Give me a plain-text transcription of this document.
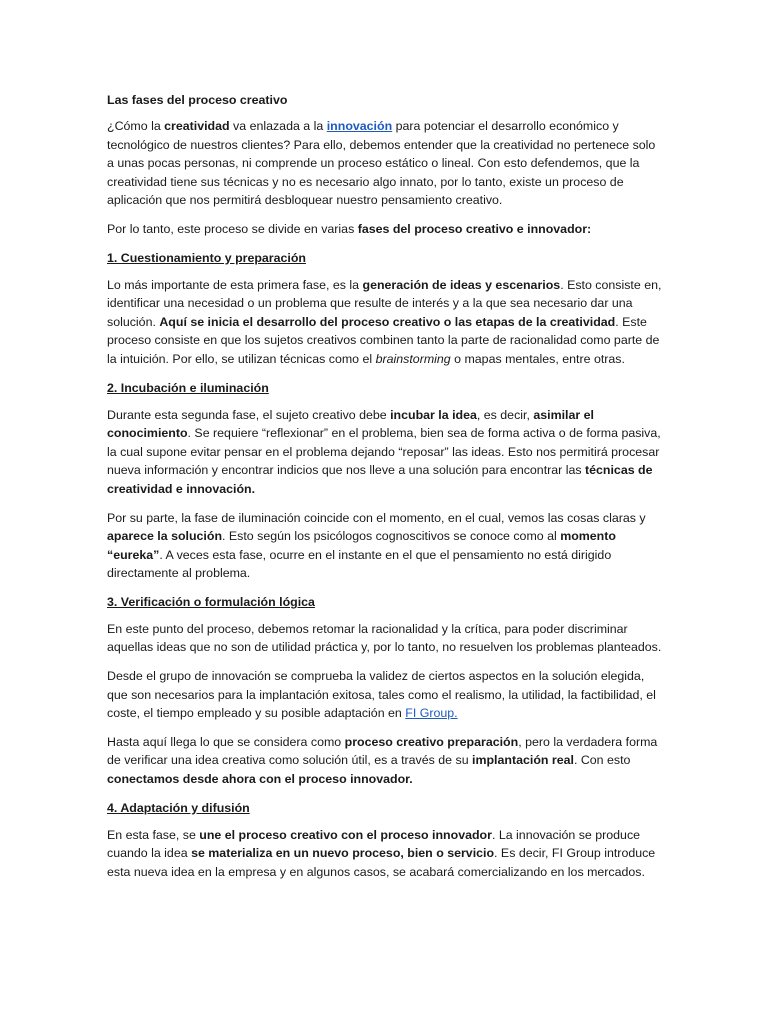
Las fases del proceso creativo

¿Cómo la creatividad va enlazada a la innovación para potenciar el desarrollo económico y tecnológico de nuestros clientes? Para ello, debemos entender que la creatividad no pertenece solo a unas pocas personas, ni comprende un proceso estático o lineal. Con esto defendemos, que la creatividad tiene sus técnicas y no es necesario algo innato, por lo tanto, existe un proceso de aplicación que nos permitirá desbloquear nuestro pensamiento creativo.

Por lo tanto, este proceso se divide en varias fases del proceso creativo e innovador:

1. Cuestionamiento y preparación

Lo más importante de esta primera fase, es la generación de ideas y escenarios. Esto consiste en, identificar una necesidad o un problema que resulte de interés y a la que sea necesario dar una solución. Aquí se inicia el desarrollo del proceso creativo o las etapas de la creatividad. Este proceso consiste en que los sujetos creativos combinen tanto la parte de racionalidad como parte de la intuición. Por ello, se utilizan técnicas como el brainstorming o mapas mentales, entre otras.

2. Incubación e iluminación

Durante esta segunda fase, el sujeto creativo debe incubar la idea, es decir, asimilar el conocimiento. Se requiere “reflexionar” en el problema, bien sea de forma activa o de forma pasiva, la cual supone evitar pensar en el problema dejando “reposar” las ideas. Esto nos permitirá procesar nueva información y encontrar indicios que nos lleve a una solución para encontrar las técnicas de creatividad e innovación.

Por su parte, la fase de iluminación coincide con el momento, en el cual, vemos las cosas claras y aparece la solución. Esto según los psicólogos cognoscitivos se conoce como al momento “eureka”. A veces esta fase, ocurre en el instante en el que el pensamiento no está dirigido directamente al problema.

3. Verificación o formulación lógica

En este punto del proceso, debemos retomar la racionalidad y la crítica, para poder discriminar aquellas ideas que no son de utilidad práctica y, por lo tanto, no resuelven los problemas planteados.

Desde el grupo de innovación se comprueba la validez de ciertos aspectos en la solución elegida, que son necesarios para la implantación exitosa, tales como el realismo, la utilidad, la factibilidad, el coste, el tiempo empleado y su posible adaptación en FI Group.

Hasta aquí llega lo que se considera como proceso creativo preparación, pero la verdadera forma de verificar una idea creativa como solución útil, es a través de su implantación real. Con esto conectamos desde ahora con el proceso innovador.

4. Adaptación y difusión

En esta fase, se une el proceso creativo con el proceso innovador. La innovación se produce cuando la idea se materializa en un nuevo proceso, bien o servicio. Es decir, FI Group introduce esta nueva idea en la empresa y en algunos casos, se acabará comercializando en los mercados.
